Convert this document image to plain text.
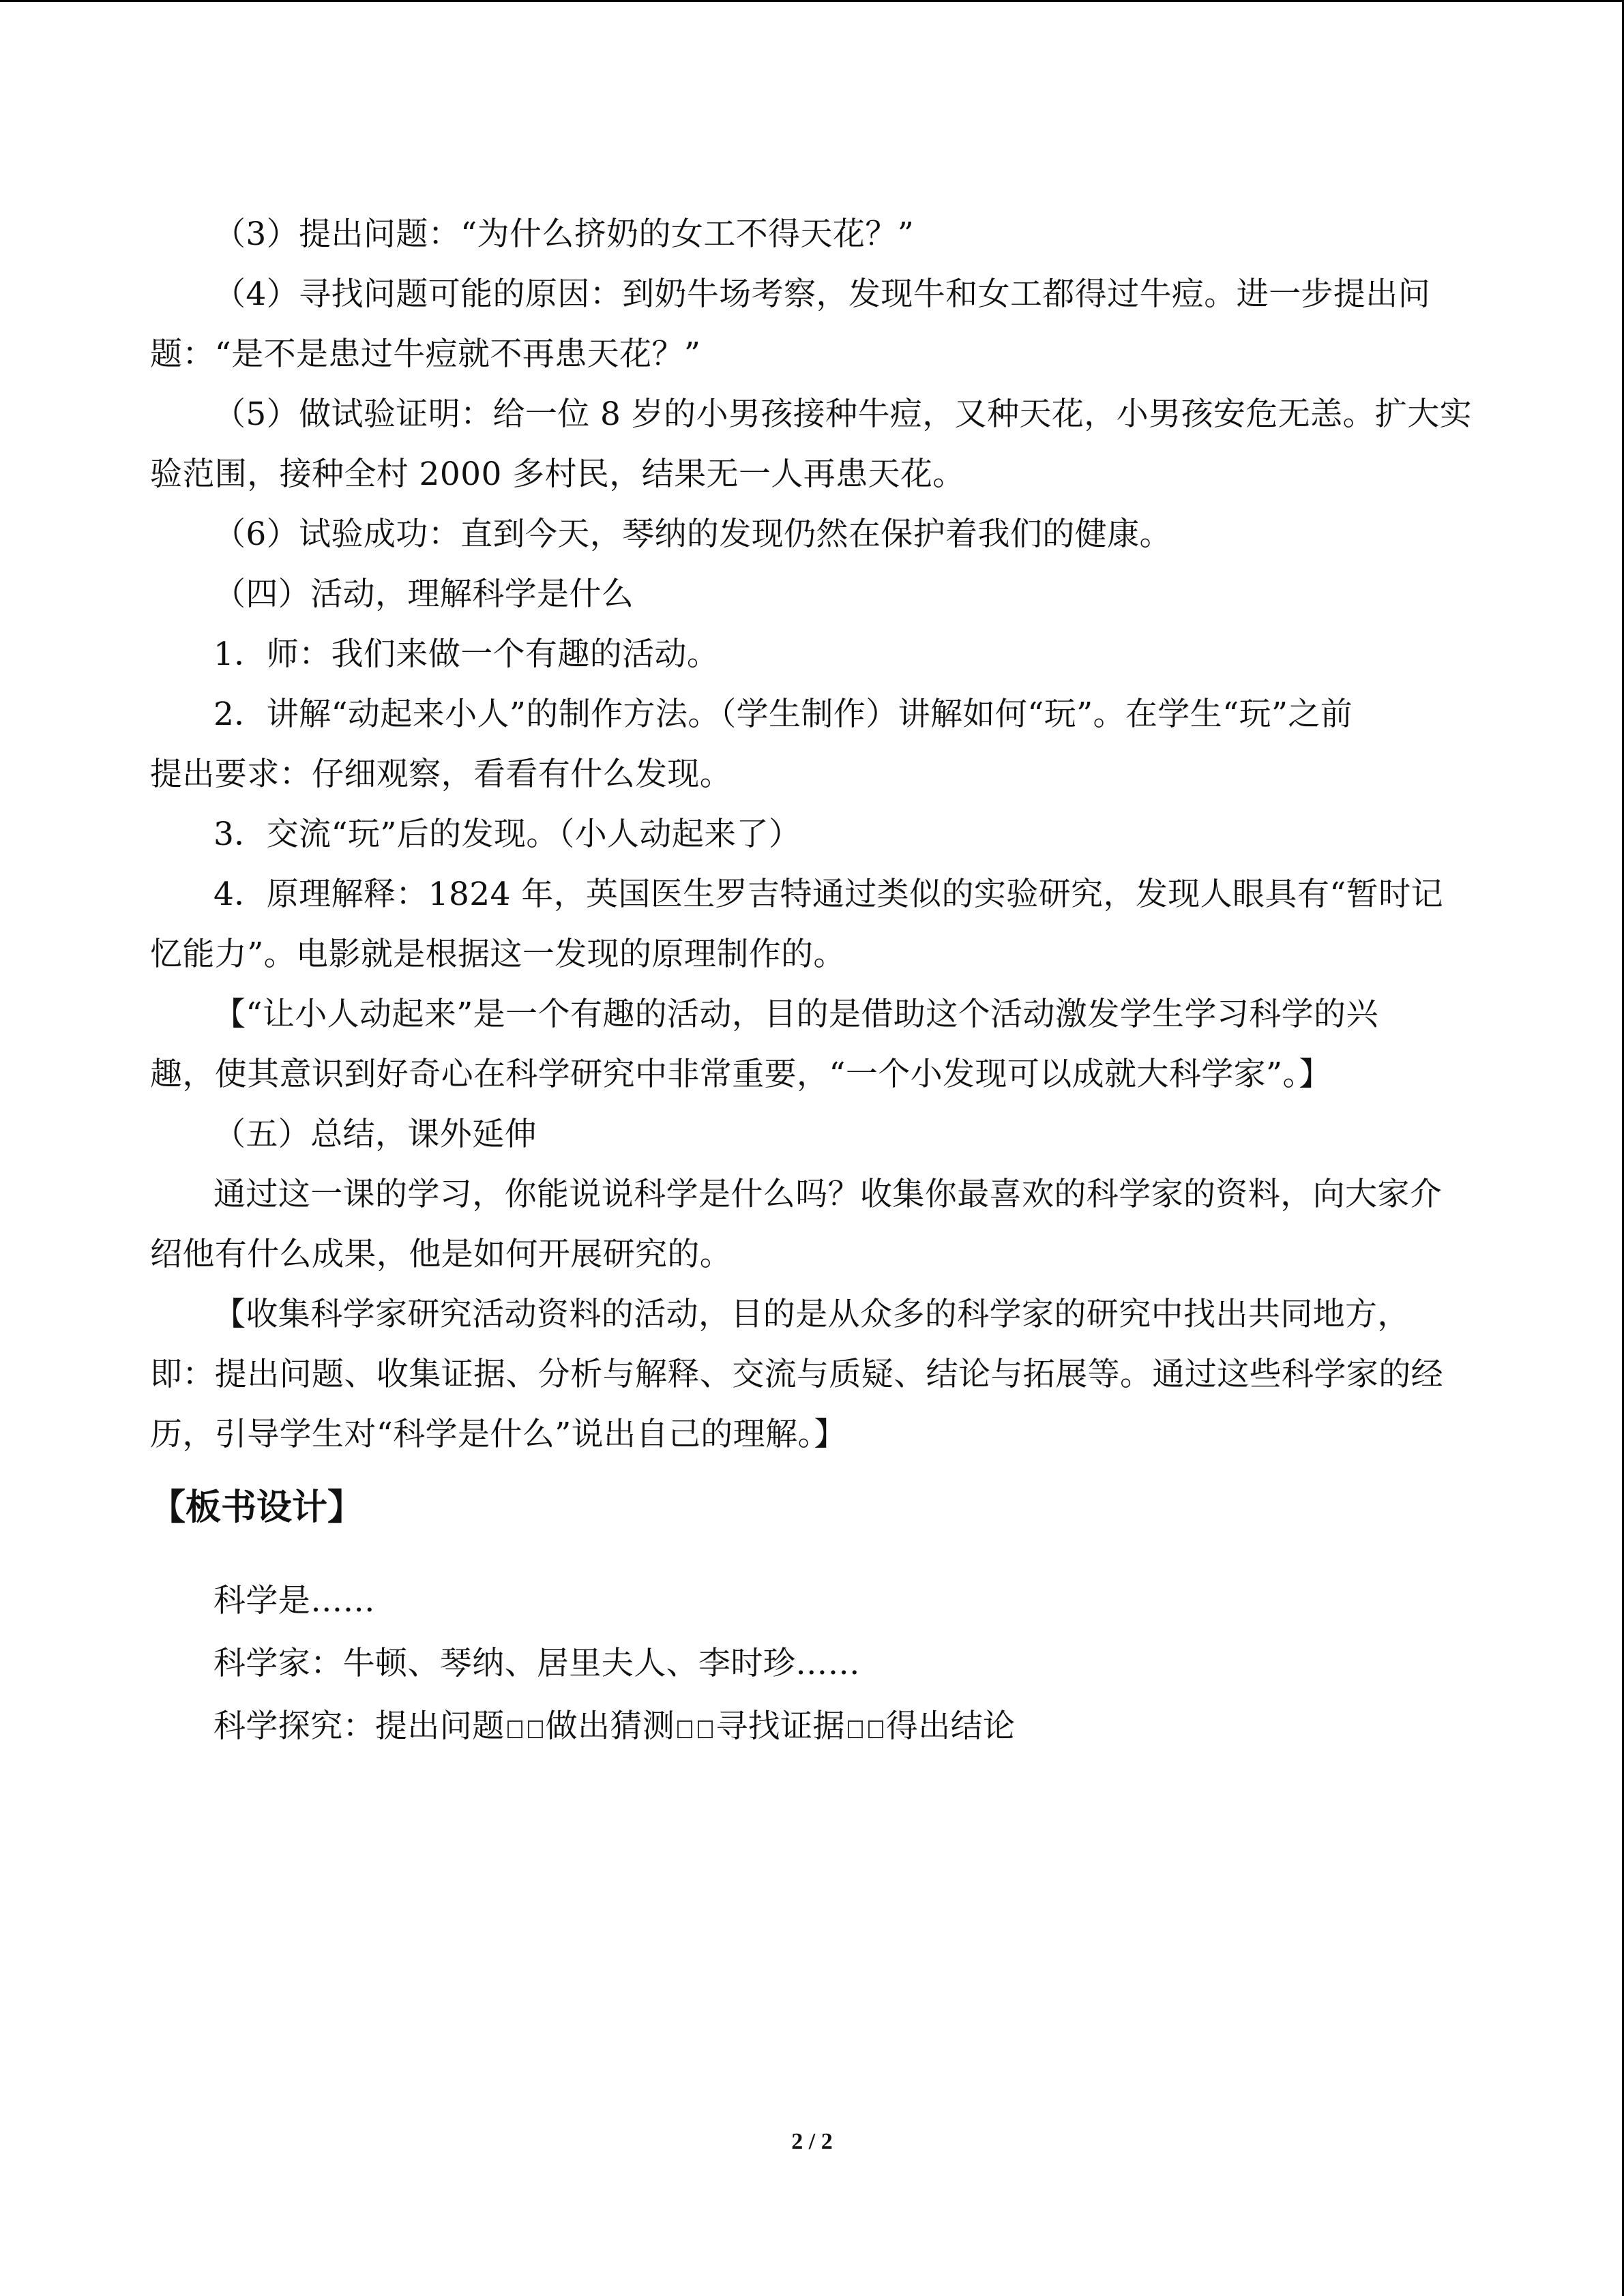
（3）提出问题：“为什么挤奶的女工不得天花？”
（4）寻找问题可能的原因：到奶牛场考察，发现牛和女工都得过牛痘。进一步提出问
题：“是不是患过牛痘就不再患天花？”
（5）做试验证明：给一位 8 岁的小男孩接种牛痘，又种天花，小男孩安危无恙。扩大实
验范围，接种全村 2000 多村民，结果无一人再患天花。
（6）试验成功：直到今天，琴纳的发现仍然在保护着我们的健康。
（四）活动，理解科学是什么
1．师：我们来做一个有趣的活动。
2．讲解“动起来小人”的制作方法。（学生制作）讲解如何“玩”。在学生“玩”之前
提出要求：仔细观察，看看有什么发现。
3．交流“玩”后的发现。（小人动起来了）
4．原理解释：1824 年，英国医生罗吉特通过类似的实验研究，发现人眼具有“暂时记
忆能力”。电影就是根据这一发现的原理制作的。
【“让小人动起来”是一个有趣的活动，目的是借助这个活动激发学生学习科学的兴
趣，使其意识到好奇心在科学研究中非常重要，“一个小发现可以成就大科学家”。】
（五）总结，课外延伸
通过这一课的学习，你能说说科学是什么吗？收集你最喜欢的科学家的资料，向大家介
绍他有什么成果，他是如何开展研究的。
【收集科学家研究活动资料的活动，目的是从众多的科学家的研究中找出共同地方，
即：提出问题、收集证据、分析与解释、交流与质疑、结论与拓展等。通过这些科学家的经
历，引导学生对“科学是什么”说出自己的理解。】
【板书设计】
科学是……
科学家：牛顿、琴纳、居里夫人、李时珍……
科学探究：提出问题 做出猜测 寻找证据 得出结论
2 / 2
